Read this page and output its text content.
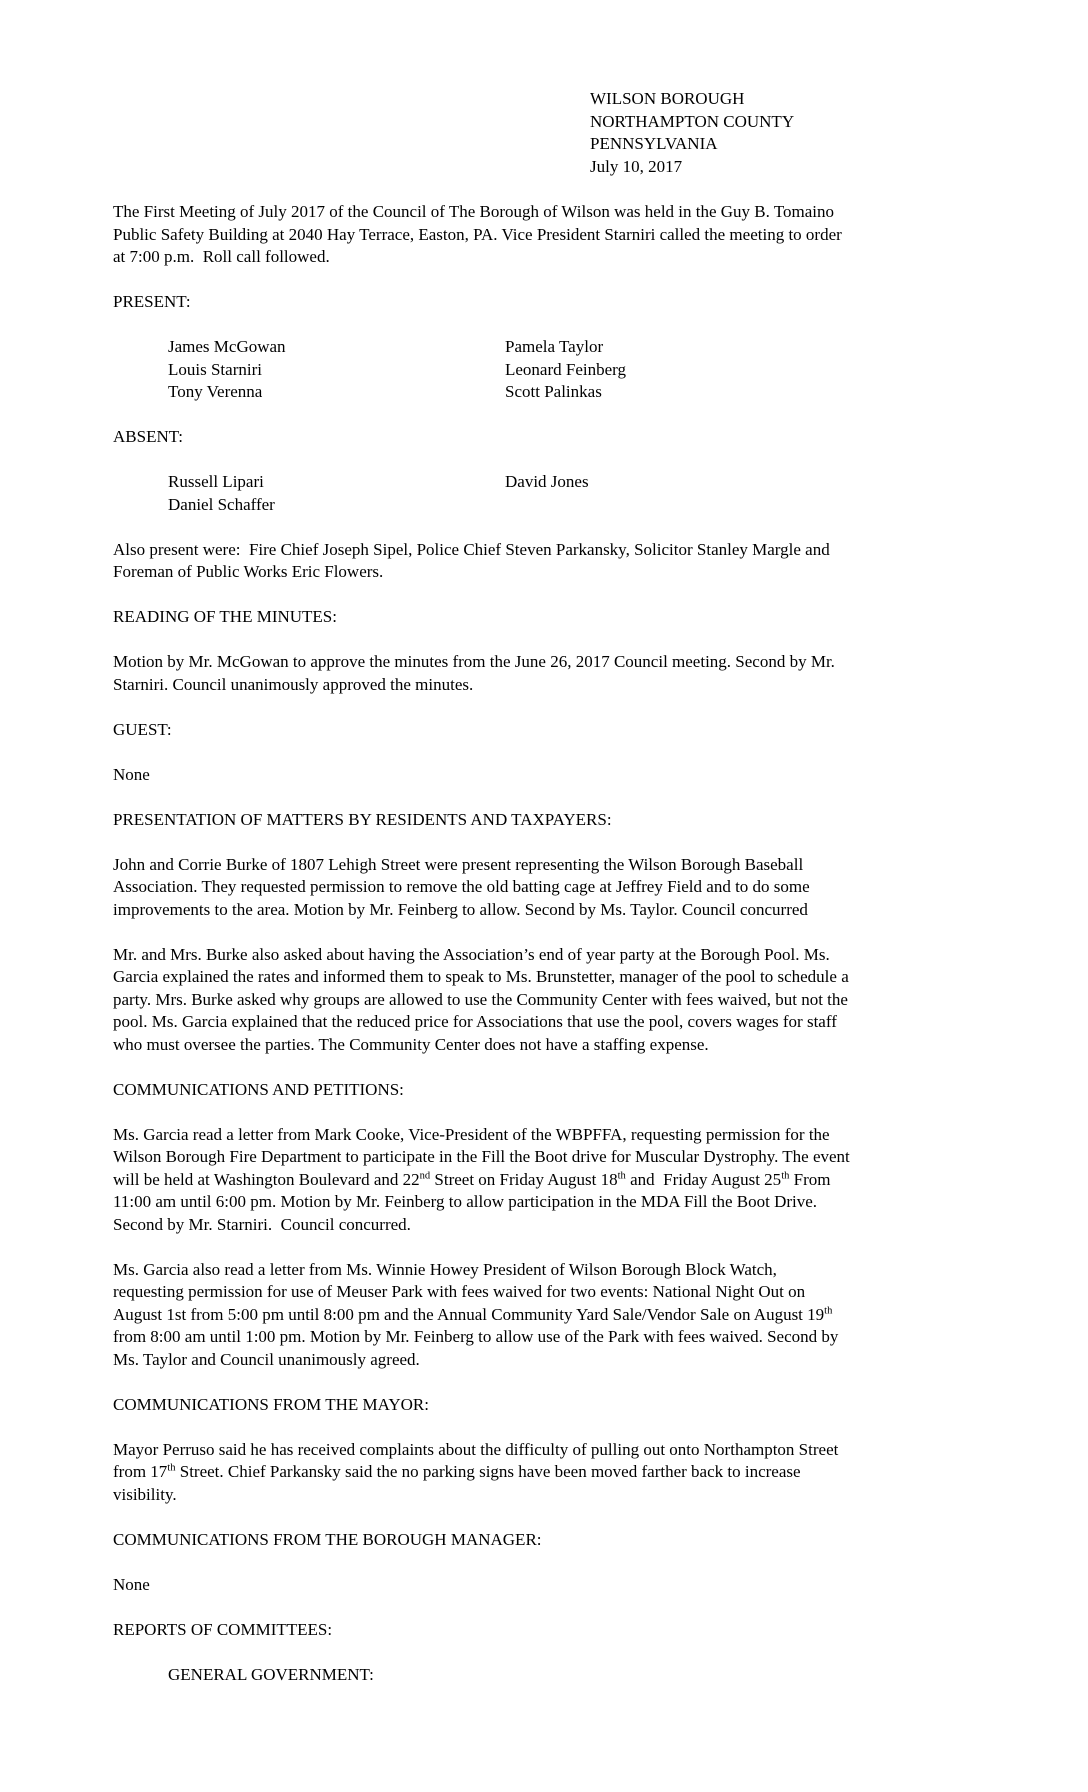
WILSON BOROUGH
NORTHAMPTON COUNTY
PENNSYLVANIA
July 10, 2017

The First Meeting of July 2017 of the Council of The Borough of Wilson was held in the Guy B. Tomaino Public Safety Building at 2040 Hay Terrace, Easton, PA. Vice President Starniri called the meeting to order at 7:00 p.m.  Roll call followed.

PRESENT:

James McGowan	Pamela Taylor
Louis Starniri	Leonard Feinberg
Tony Verenna	Scott Palinkas

ABSENT:

Russell Lipari	David Jones
Daniel Schaffer

Also present were:  Fire Chief Joseph Sipel, Police Chief Steven Parkansky, Solicitor Stanley Margle and Foreman of Public Works Eric Flowers.

READING OF THE MINUTES:

Motion by Mr. McGowan to approve the minutes from the June 26, 2017 Council meeting. Second by Mr. Starniri. Council unanimously approved the minutes.

GUEST:

None

PRESENTATION OF MATTERS BY RESIDENTS AND TAXPAYERS:

John and Corrie Burke of 1807 Lehigh Street were present representing the Wilson Borough Baseball Association. They requested permission to remove the old batting cage at Jeffrey Field and to do some improvements to the area. Motion by Mr. Feinberg to allow. Second by Ms. Taylor. Council concurred

Mr. and Mrs. Burke also asked about having the Association’s end of year party at the Borough Pool. Ms. Garcia explained the rates and informed them to speak to Ms. Brunstetter, manager of the pool to schedule a party. Mrs. Burke asked why groups are allowed to use the Community Center with fees waived, but not the pool. Ms. Garcia explained that the reduced price for Associations that use the pool, covers wages for staff who must oversee the parties. The Community Center does not have a staffing expense.

COMMUNICATIONS AND PETITIONS:

Ms. Garcia read a letter from Mark Cooke, Vice-President of the WBPFFA, requesting permission for the Wilson Borough Fire Department to participate in the Fill the Boot drive for Muscular Dystrophy. The event will be held at Washington Boulevard and 22nd Street on Friday August 18th and  Friday August 25th From 11:00 am until 6:00 pm. Motion by Mr. Feinberg to allow participation in the MDA Fill the Boot Drive. Second by Mr. Starniri.  Council concurred.

Ms. Garcia also read a letter from Ms. Winnie Howey President of Wilson Borough Block Watch, requesting permission for use of Meuser Park with fees waived for two events: National Night Out on August 1st from 5:00 pm until 8:00 pm and the Annual Community Yard Sale/Vendor Sale on August 19th from 8:00 am until 1:00 pm. Motion by Mr. Feinberg to allow use of the Park with fees waived. Second by Ms. Taylor and Council unanimously agreed.

COMMUNICATIONS FROM THE MAYOR:

Mayor Perruso said he has received complaints about the difficulty of pulling out onto Northampton Street from 17th Street. Chief Parkansky said the no parking signs have been moved farther back to increase visibility.

COMMUNICATIONS FROM THE BOROUGH MANAGER:

None

REPORTS OF COMMITTEES:

GENERAL GOVERNMENT:
